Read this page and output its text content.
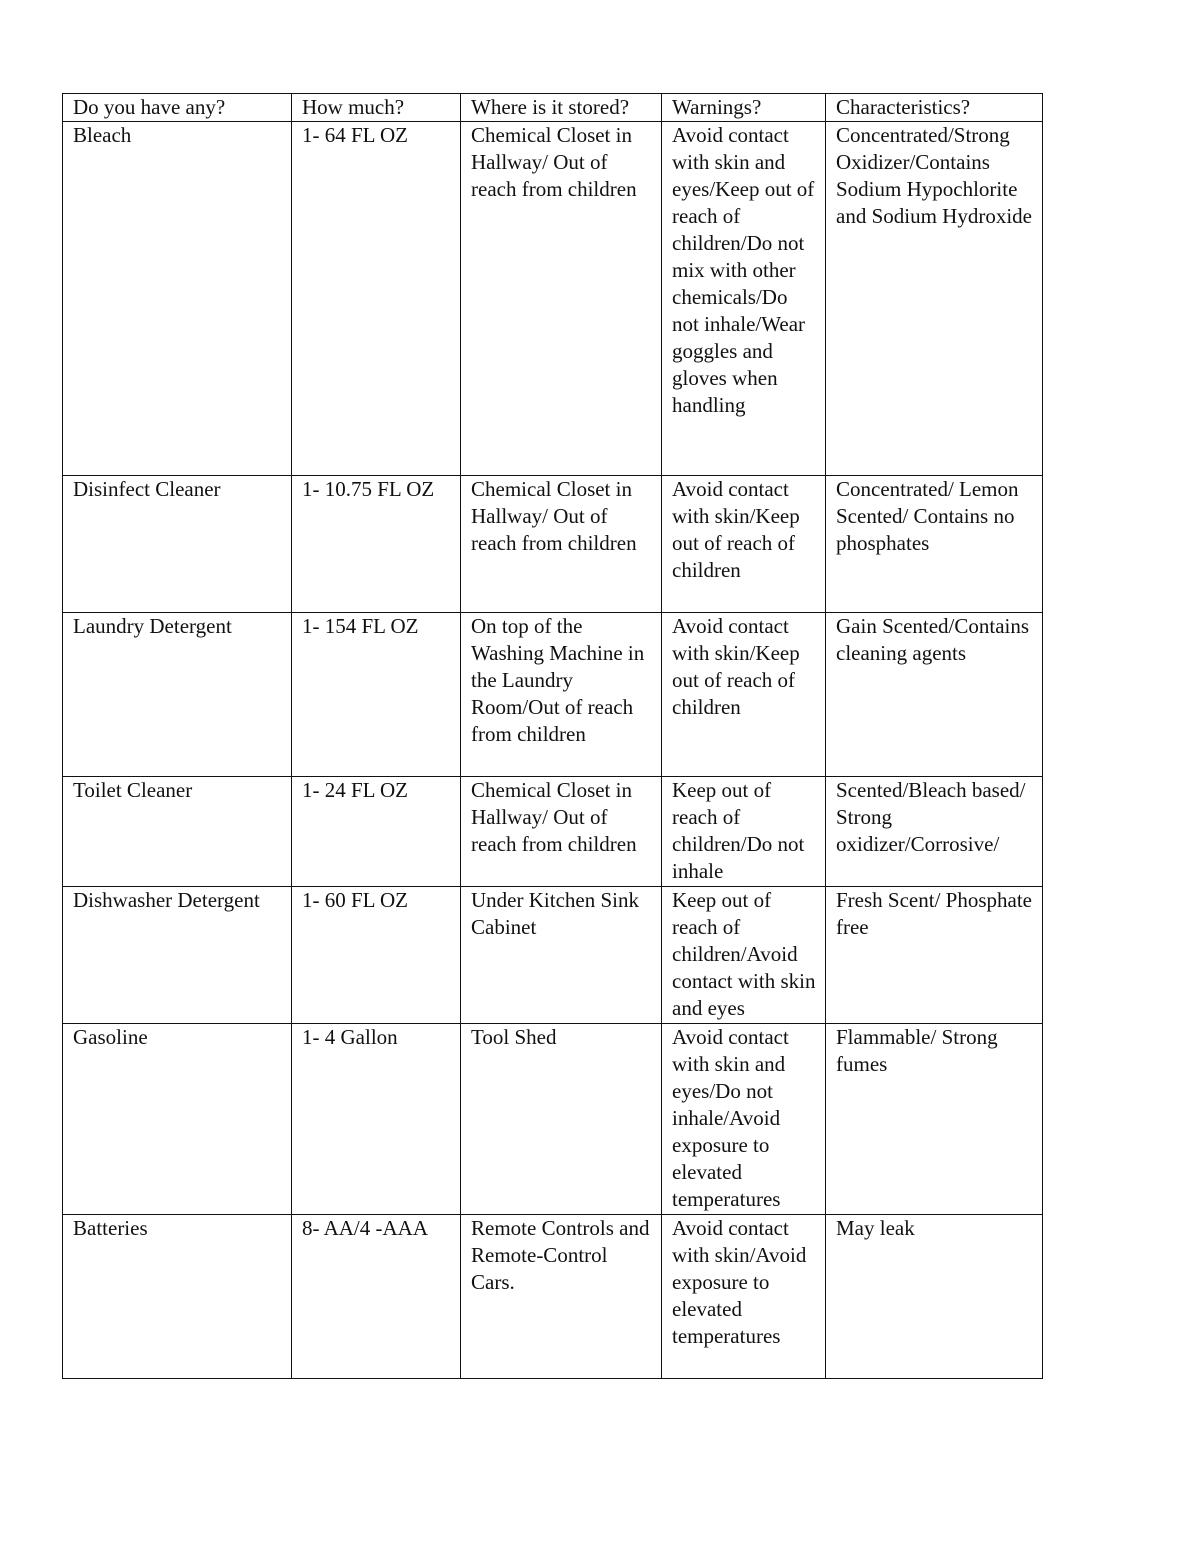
Do you have any?	How much?	Where is it stored?	Warnings?	Characteristics?
Bleach	1- 64 FL OZ	Chemical Closet in Hallway/ Out of reach from children	Avoid contact with skin and eyes/Keep out of reach of children/Do not mix with other chemicals/Do not inhale/Wear goggles and gloves when handling	Concentrated/Strong Oxidizer/Contains Sodium Hypochlorite and Sodium Hydroxide
Disinfect Cleaner	1- 10.75 FL OZ	Chemical Closet in Hallway/ Out of reach from children	Avoid contact with skin/Keep out of reach of children	Concentrated/ Lemon Scented/ Contains no phosphates
Laundry Detergent	1- 154 FL OZ	On top of the Washing Machine in the Laundry Room/Out of reach from children	Avoid contact with skin/Keep out of reach of children	Gain Scented/Contains cleaning agents
Toilet Cleaner	1- 24 FL OZ	Chemical Closet in Hallway/ Out of reach from children	Keep out of reach of children/Do not inhale	Scented/Bleach based/ Strong oxidizer/Corrosive/
Dishwasher Detergent	1- 60 FL OZ	Under Kitchen Sink Cabinet	Keep out of reach of children/Avoid contact with skin and eyes	Fresh Scent/ Phosphate free
Gasoline	1- 4 Gallon	Tool Shed	Avoid contact with skin and eyes/Do not inhale/Avoid exposure to elevated temperatures	Flammable/ Strong fumes
Batteries	8- AA/4 -AAA	Remote Controls and Remote-Control Cars.	Avoid contact with skin/Avoid exposure to elevated temperatures	May leak
